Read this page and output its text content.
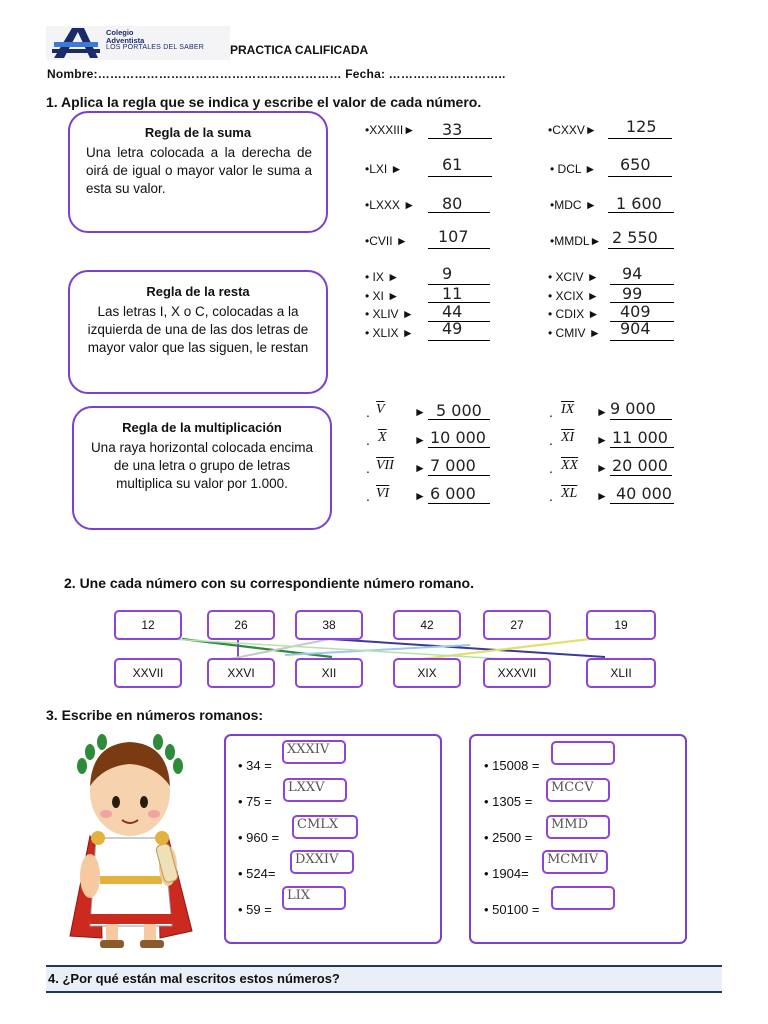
Colegio
Adventista
LOS PORTALES DEL SABER PRACTICA CALIFICADA
Nombre:…………………………………………………… Fecha: ………………………..
1. Aplica la regla que se indica y escribe el valor de cada número.
Regla de la suma
Una letra colocada a la derecha de oirá de igual o mayor valor le suma a esta su valor.
Regla de la resta
Las letras I, X o C, colocadas a la izquierda de una de las dos letras de mayor valor que las siguen, le restan
Regla de la multiplicación
Una raya horizontal colocada encima de una letra o grupo de letras multiplica su valor por 1.000.
•XXXIII► 33	•CXXV► 125
•LXI ► 61	• DCL ► 650
•LXXX ► 80	•MDC ► 1 600
•CVII ► 107	•MMDL► 2 550
• IX ►	9	• XCIV ► 94
• XI ►	11	• XCIX ► 99
• XLIV ► 44	• CDIX ► 409
• XLIX ► 49	• CMIV ► 904
. $\overline{V}$ ► 5 000	. $\overline{IX}$ ► 9 000
. $\overline{X}$ ► 10 000	. $\overline{XI}$ ► 11 000
. $\overline{VII}$ ► 7 000	. $\overline{XX}$ ► 20 000
. $\overline{VI}$ ► 6 000	. $\overline{XL}$ ► 40 000
2. Une cada número con su correspondiente número romano.
12	26	38	42	27	19
XXVII	XXVI	XII	XIX	XXXVII	XLII
3. Escribe en números romanos:
• 34 =
XXXIV
• 75 =
LXXV
• 960 =
CMLX
• 524=
DXXIV
• 59 =
LIX
• 15008 =
• 1305 =
MCCV
• 2500 =
MMD
• 1904=
MCMIV
• 50100 =
4. ¿Por qué están mal escritos estos números?
